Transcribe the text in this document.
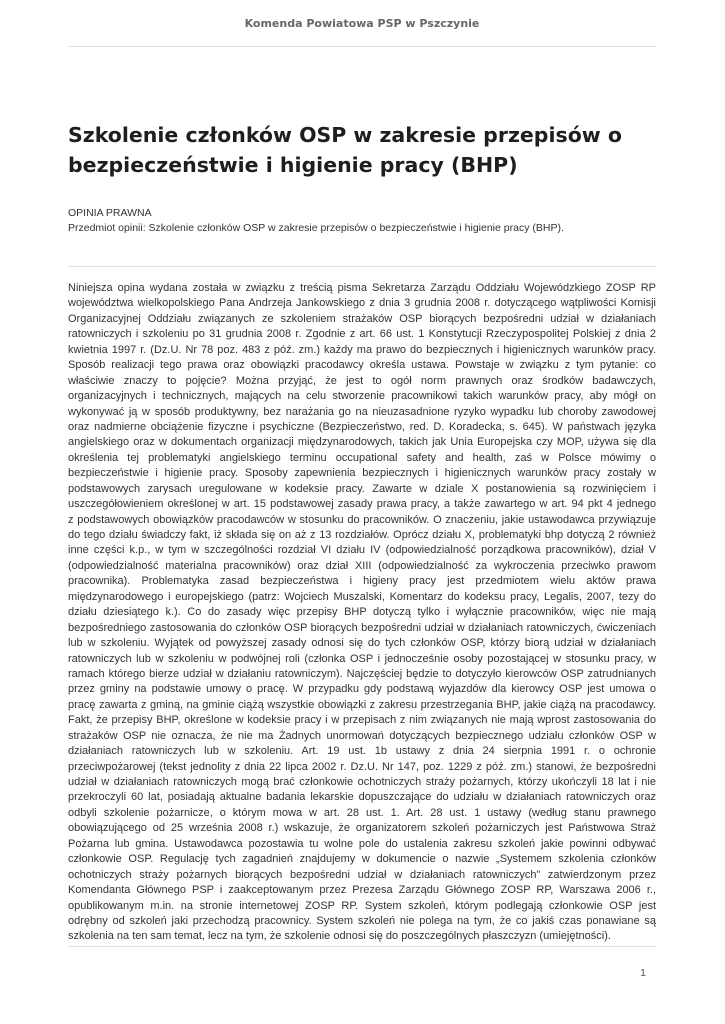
Komenda Powiatowa PSP w Pszczynie
Szkolenie członków OSP w zakresie przepisów o
bezpieczeństwie i higienie pracy (BHP)
OPINIA PRAWNA
Przedmiot opinii: Szkolenie członków OSP w zakresie przepisów o bezpieczeństwie i higienie pracy (BHP).
Niniejsza opina wydana została w związku z treścią pisma Sekretarza Zarządu Oddziału Wojewódzkiego ZOSP RP
województwa wielkopolskiego Pana Andrzeja Jankowskiego z dnia 3 grudnia 2008 r. dotyczącego wątpliwości Komisji
Organizacyjnej Oddziału związanych ze szkoleniem strażaków OSP biorących bezpośredni udział w działaniach
ratowniczych i szkoleniu po 31 grudnia 2008 r. Zgodnie z art. 66 ust. 1 Konstytucji Rzeczypospolitej Polskiej z dnia 2
kwietnia 1997 r. (Dz.U. Nr 78 poz. 483 z póź. zm.) każdy ma prawo do bezpiecznych i higienicznych warunków pracy.
Sposób realizacji tego prawa oraz obowiązki pracodawcy określa ustawa. Powstaje w związku z tym pytanie: co
właściwie znaczy to pojęcie? Można przyjąć, że jest to ogół norm prawnych oraz środków badawczych,
organizacyjnych i technicznych, mających na celu stworzenie pracownikowi takich warunków pracy, aby mógł on
wykonywać ją w sposób produktywny, bez narażania go na nieuzasadnione ryzyko wypadku lub choroby zawodowej
oraz nadmierne obciążenie fizyczne i psychiczne (Bezpieczeństwo, red. D. Koradecka, s. 645). W państwach języka
angielskiego oraz w dokumentach organizacji międzynarodowych, takich jak Unia Europejska czy MOP, używa się dla
określenia tej problematyki angielskiego terminu occupational safety and health, zaś w Polsce mówimy o
bezpieczeństwie i higienie pracy. Sposoby zapewnienia bezpiecznych i higienicznych warunków pracy zostały w
podstawowych zarysach uregulowane w kodeksie pracy. Zawarte w dziale X postanowienia są rozwinięciem i
uszczegółowieniem określonej w art. 15 podstawowej zasady prawa pracy, a także zawartego w art. 94 pkt 4 jednego
z podstawowych obowiązków pracodawców w stosunku do pracowników. O znaczeniu, jakie ustawodawca przywiązuje
do tego działu świadczy fakt, iż składa się on aż z 13 rozdziałów. Oprócz działu X, problematyki bhp dotyczą 2 również
inne części k.p., w tym w szczególności rozdział VI działu IV (odpowiedzialność porządkowa pracowników), dział V
(odpowiedzialność materialna pracowników) oraz dział XIII (odpowiedzialność za wykroczenia przeciwko prawom
pracownika). Problematyka zasad bezpieczeństwa i higieny pracy jest przedmiotem wielu aktów prawa
międzynarodowego i europejskiego (patrz: Wojciech Muszalski, Komentarz do kodeksu pracy, Legalis, 2007, tezy do
działu dziesiątego k.). Co do zasady więc przepisy BHP dotyczą tylko i wyłącznie pracowników, więc nie mają
bezpośredniego zastosowania do członków OSP biorących bezpośredni udział w działaniach ratowniczych, ćwiczeniach
lub w szkoleniu. Wyjątek od powyższej zasady odnosi się do tych członków OSP, którzy biorą udział w działaniach
ratowniczych lub w szkoleniu w podwójnej roli (członka OSP i jednocześnie osoby pozostającej w stosunku pracy, w
ramach którego bierze udział w działaniu ratowniczym). Najczęściej będzie to dotyczyło kierowców OSP zatrudnianych
przez gminy na podstawie umowy o pracę. W przypadku gdy podstawą wyjazdów dla kierowcy OSP jest umowa o
pracę zawarta z gminą, na gminie ciążą wszystkie obowiązki z zakresu przestrzegania BHP, jakie ciążą na pracodawcy.
Fakt, że przepisy BHP, określone w kodeksie pracy i w przepisach z nim związanych nie mają wprost zastosowania do
strażaków OSP nie oznacza, że nie ma Żadnych unormowań dotyczących bezpiecznego udziału członków OSP w
działaniach ratowniczych lub w szkoleniu. Art. 19 ust. 1b ustawy z dnia 24 sierpnia 1991 r. o ochronie
przeciwpożarowej (tekst jednolity z dnia 22 lipca 2002 r. Dz.U. Nr 147, poz. 1229 z póź. zm.) stanowi, że bezpośredni
udział w działaniach ratowniczych mogą brać członkowie ochotniczych straży pożarnych, którzy ukończyli 18 lat i nie
przekroczyli 60 lat, posiadają aktualne badania lekarskie dopuszczające do udziału w działaniach ratowniczych oraz
odbyli szkolenie pożarnicze, o którym mowa w art. 28 ust. 1. Art. 28 ust. 1 ustawy (według stanu prawnego
obowiązującego od 25 września 2008 r.) wskazuje, że organizatorem szkoleń pożarniczych jest Państwowa Straż
Pożarna lub gmina. Ustawodawca pozostawia tu wolne pole do ustalenia zakresu szkoleń jakie powinni odbywać
członkowie OSP. Regulację tych zagadnień znajdujemy w dokumencie o nazwie „Systemem szkolenia członków
ochotniczych straży pożarnych biorących bezpośredni udział w działaniach ratowniczych” zatwierdzonym przez
Komendanta Głównego PSP i zaakceptowanym przez Prezesa Zarządu Głównego ZOSP RP, Warszawa 2006 r.,
opublikowanym m.in. na stronie internetowej ZOSP RP. System szkoleń, którym podlegają członkowie OSP jest
odrębny od szkoleń jaki przechodzą pracownicy. System szkoleń nie polega na tym, że co jakiś czas ponawiane są
szkolenia na ten sam temat, lecz na tym, że szkolenie odnosi się do poszczególnych płaszczyzn (umiejętności).
1
